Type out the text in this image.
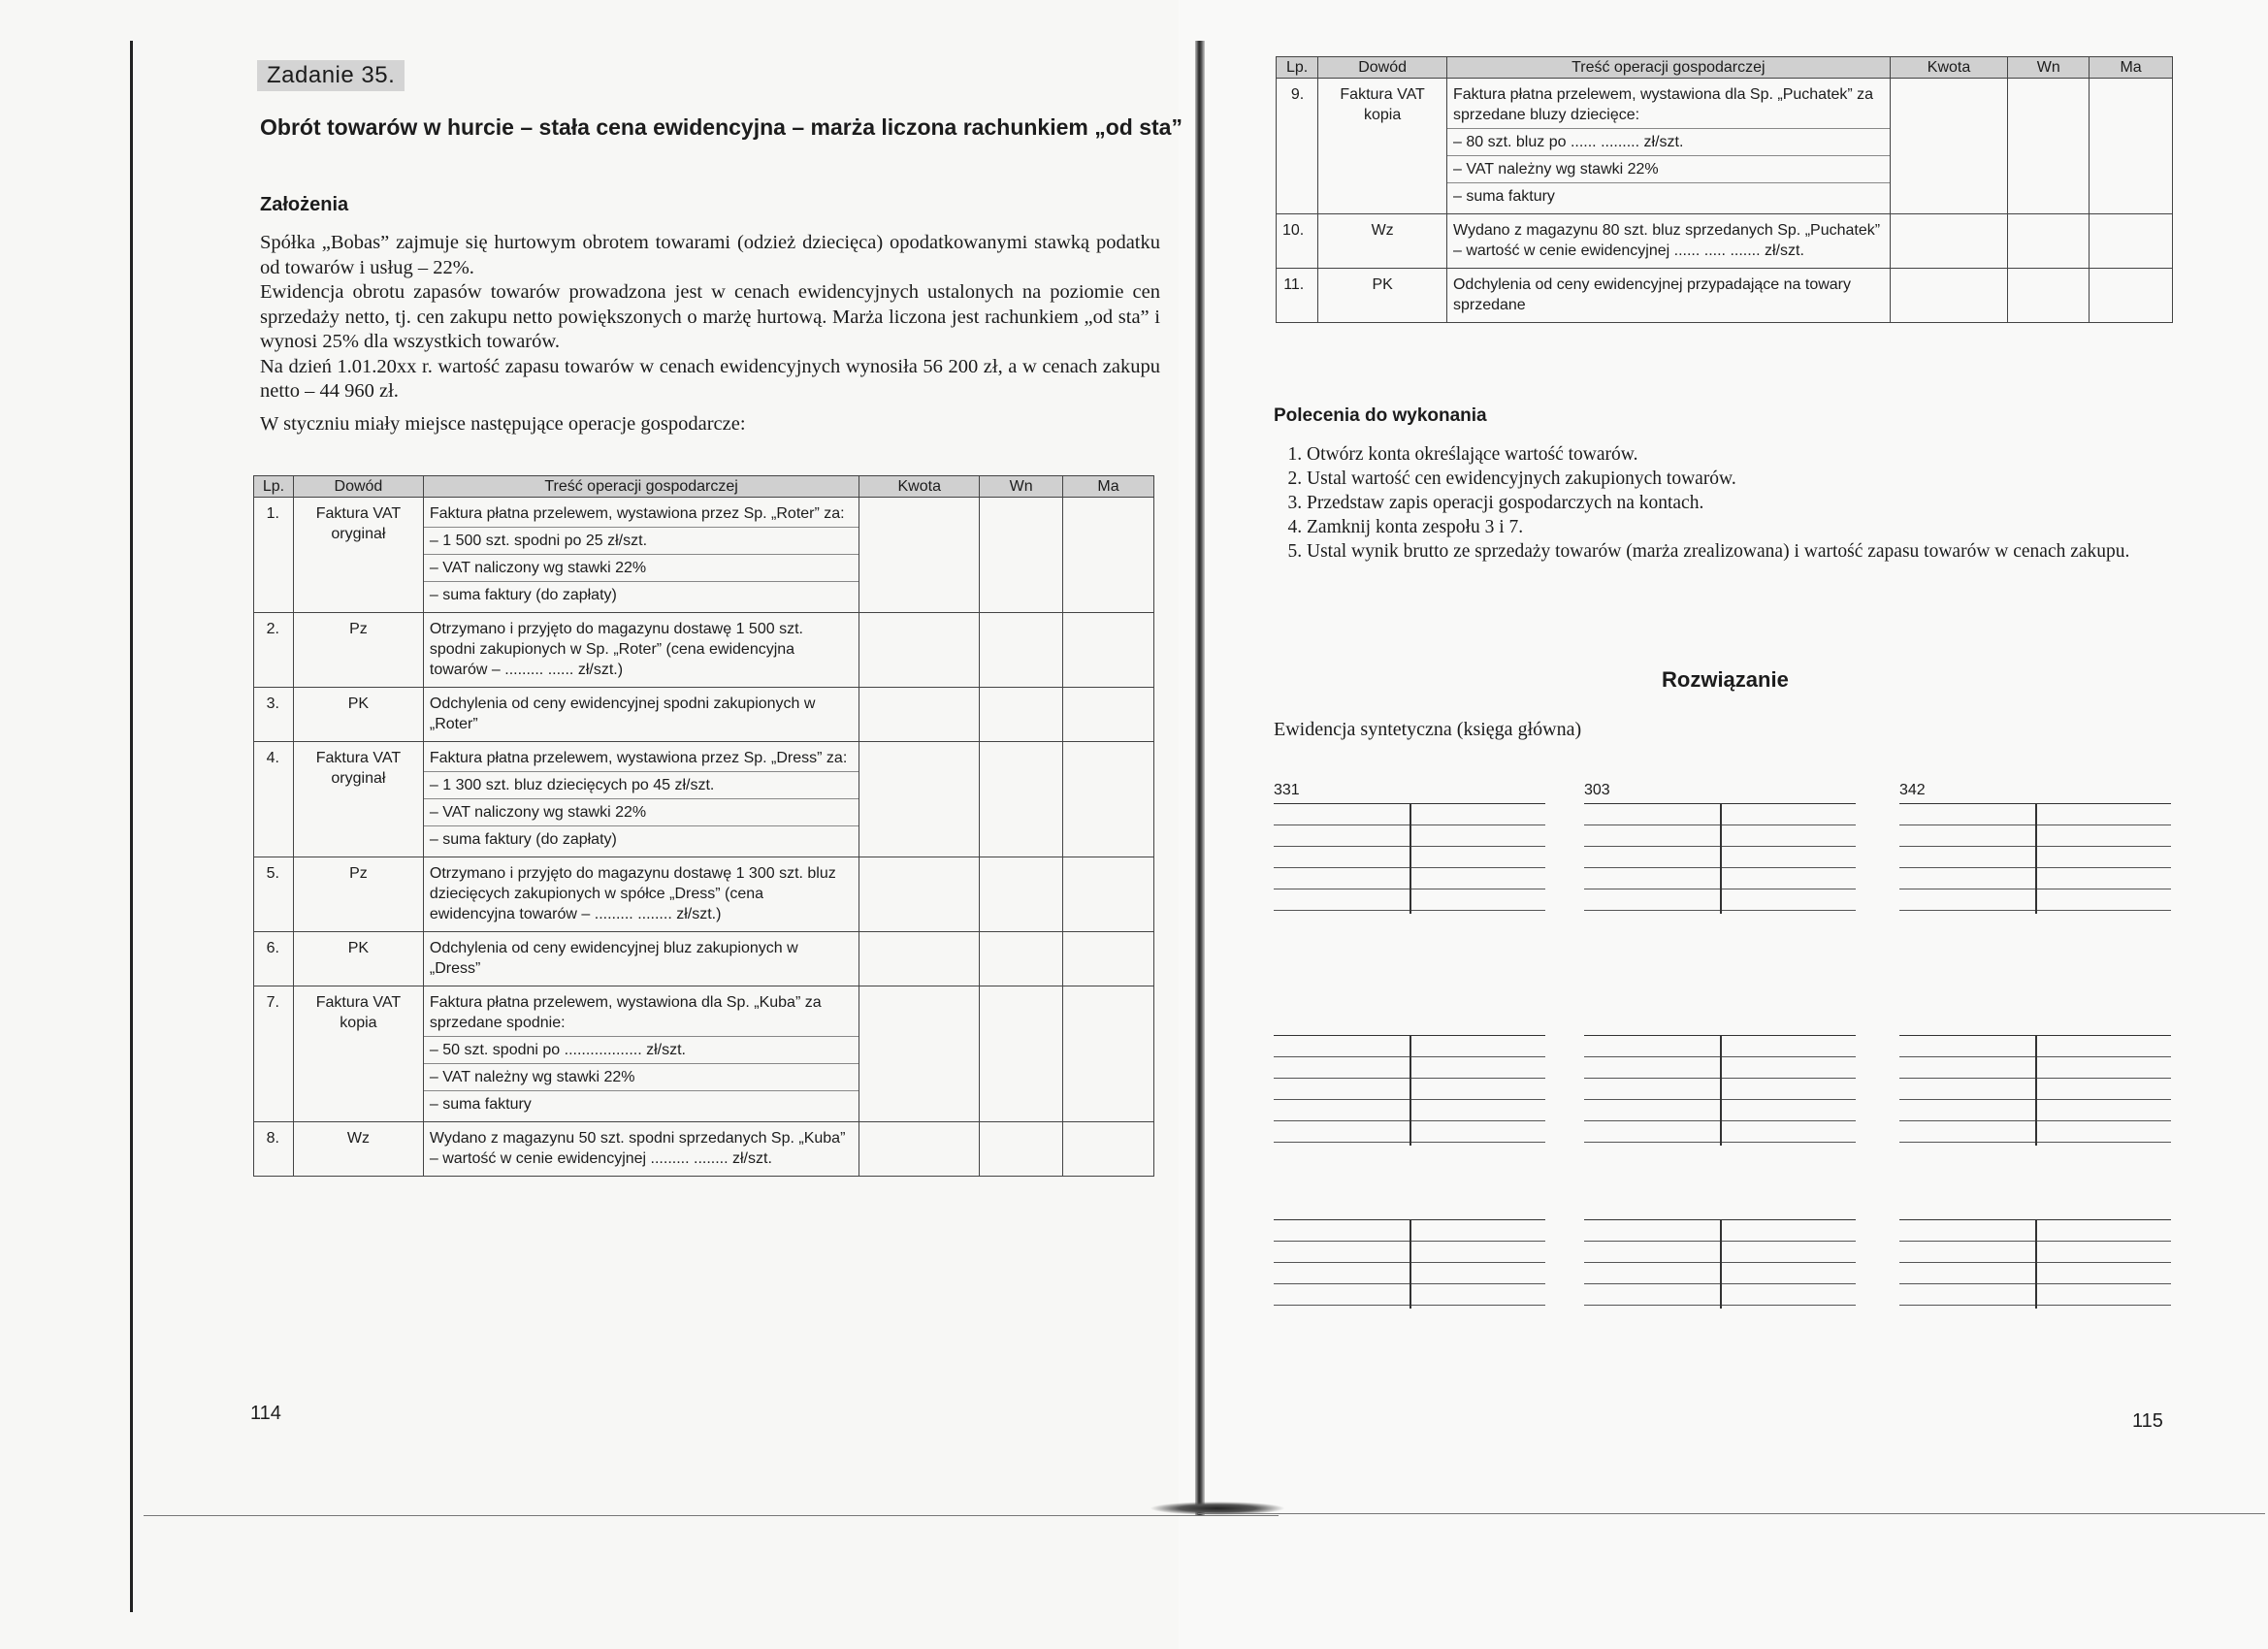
Zadanie 35.
Obrót towarów w hurcie – stała cena ewidencyjna – marża liczona rachunkiem „od sta”
Założenia

Spółka „Bobas” zajmuje się hurtowym obrotem towarami (odzież dziecięca) opodatkowanymi stawką podatku od towarów i usług – 22%.

Ewidencja obrotu zapasów towarów prowadzona jest w cenach ewidencyjnych ustalonych na poziomie cen sprzedaży netto, tj. cen zakupu netto powiększonych o marżę hurtową. Marża liczona jest rachunkiem „od sta” i wynosi 25% dla wszystkich towarów.

Na dzień 1.01.20xx r. wartość zapasu towarów w cenach ewidencyjnych wynosiła 56 200 zł, a w cenach zakupu netto – 44 960 zł.

W styczniu miały miejsce następujące operacje gospodarcze:

Lp.	Dowód	Treść operacji gospodarczej	Kwota	Wn	Ma
1.	Faktura VAT oryginał	Faktura płatna przelewem, wystawiona przez Sp. „Roter” za:
– 1 500 szt. spodni po 25 zł/szt.
– VAT naliczony wg stawki 22%
– suma faktury (do zapłaty)			

2.	Pz	Otrzymano i przyjęto do magazynu dostawę 1 500 szt. spodni zakupionych w Sp. „Roter” (cena ewidencyjna towarów – ......... ...... zł/szt.)			

3.	PK	Odchylenia od ceny ewidencyjnej spodni zakupionych w „Roter”			

4.	Faktura VAT oryginał	Faktura płatna przelewem, wystawiona przez Sp. „Dress” za:
– 1 300 szt. bluz dziecięcych po 45 zł/szt.
– VAT naliczony wg stawki 22%
– suma faktury (do zapłaty)			

5.	Pz	Otrzymano i przyjęto do magazynu dostawę 1 300 szt. bluz dziecięcych zakupionych w spółce „Dress” (cena ewidencyjna towarów – ......... ........ zł/szt.)			

6.	PK	Odchylenia od ceny ewidencyjnej bluz zakupionych w „Dress”			

7.	Faktura VAT kopia	Faktura płatna przelewem, wystawiona dla Sp. „Kuba” za sprzedane spodnie:
– 50 szt. spodni po .................. zł/szt.
– VAT należny wg stawki 22%
– suma faktury			

8.	Wz	Wydano z magazynu 50 szt. spodni sprzedanych Sp. „Kuba” – wartość w cenie ewidencyjnej ......... ........ zł/szt.			

114
Lp.	Dowód	Treść operacji gospodarczej	Kwota	Wn	Ma
9.	Faktura VAT kopia	Faktura płatna przelewem, wystawiona dla Sp. „Puchatek” za sprzedane bluzy dziecięce:
– 80 szt. bluz po ...... ......... zł/szt.
– VAT należny wg stawki 22%
– suma faktury			

10.	Wz	Wydano z magazynu 80 szt. bluz sprzedanych Sp. „Puchatek” – wartość w cenie ewidencyjnej ...... ..... ....... zł/szt.			

11.	PK	Odchylenia od ceny ewidencyjnej przypadające na towary sprzedane			

Polecenia do wykonania
1. Otwórz konta określające wartość towarów.
2. Ustal wartość cen ewidencyjnych zakupionych towarów.
3. Przedstaw zapis operacji gospodarczych na kontach.
4. Zamknij konta zespołu 3 i 7.
5. Ustal wynik brutto ze sprzedaży towarów (marża zrealizowana) i wartość zapasu towarów w cenach zakupu.
Rozwiązanie
Ewidencja syntetyczna (księga główna)
331	303	342
115
